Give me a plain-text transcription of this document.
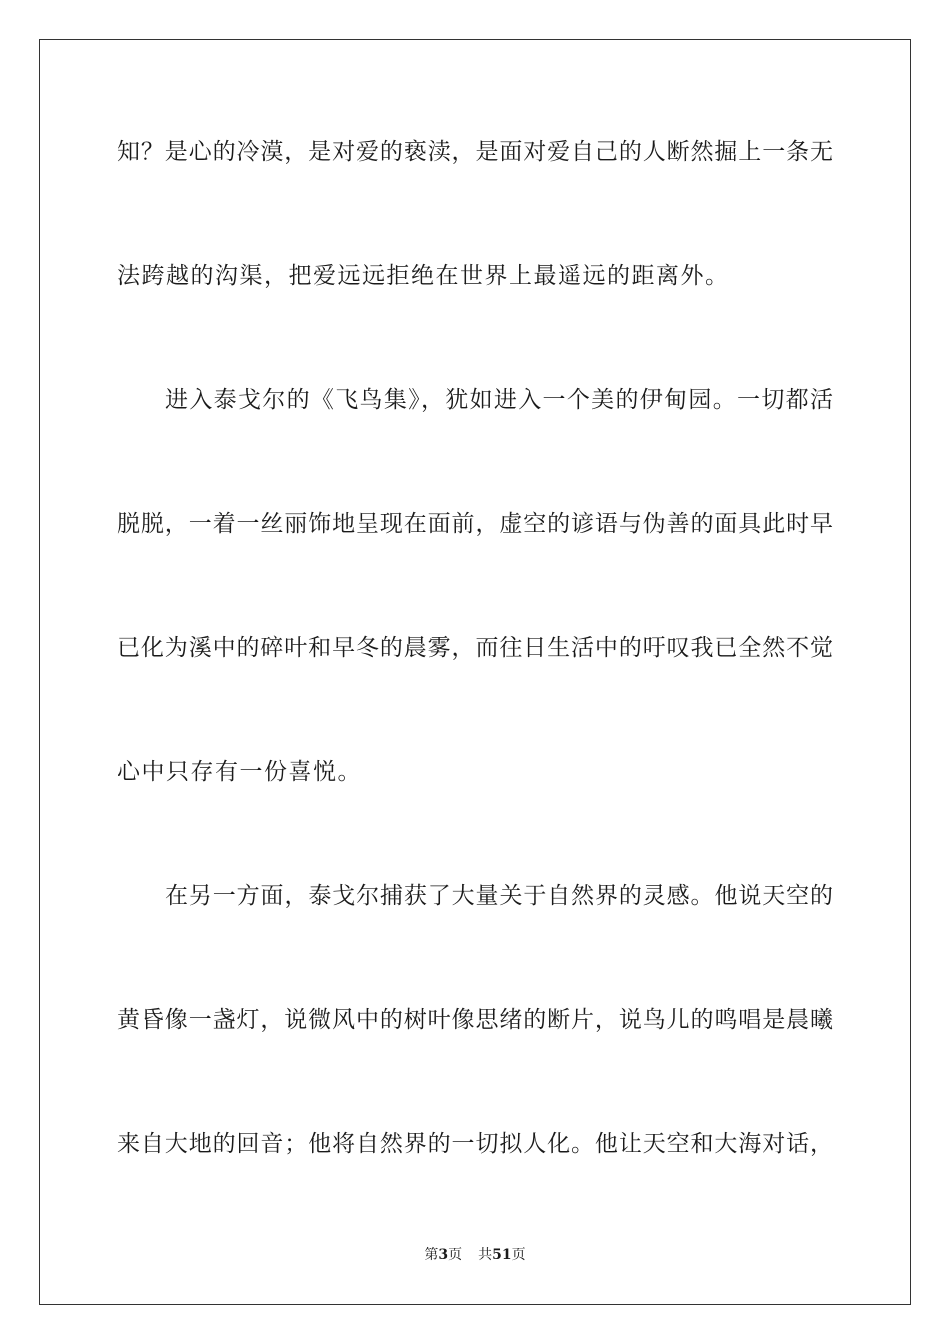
知？是心的冷漠，是对爱的亵渎，是面对爱自己的人断然掘上一条无
法跨越的沟渠，把爱远远拒绝在世界上最遥远的距离外。
进入泰戈尔的《飞鸟集》，犹如进入一个美的伊甸园。一切都活
脱脱，一着一丝丽饰地呈现在面前，虚空的谚语与伪善的面具此时早
已化为溪中的碎叶和早冬的晨雾，而往日生活中的吁叹我已全然不觉
心中只存有一份喜悦。
在另一方面，泰戈尔捕获了大量关于自然界的灵感。他说天空的
黄昏像一盏灯，说微风中的树叶像思绪的断片，说鸟儿的鸣唱是晨曦
来自大地的回音；他将自然界的一切拟人化。他让天空和大海对话，
第3页 共51页
